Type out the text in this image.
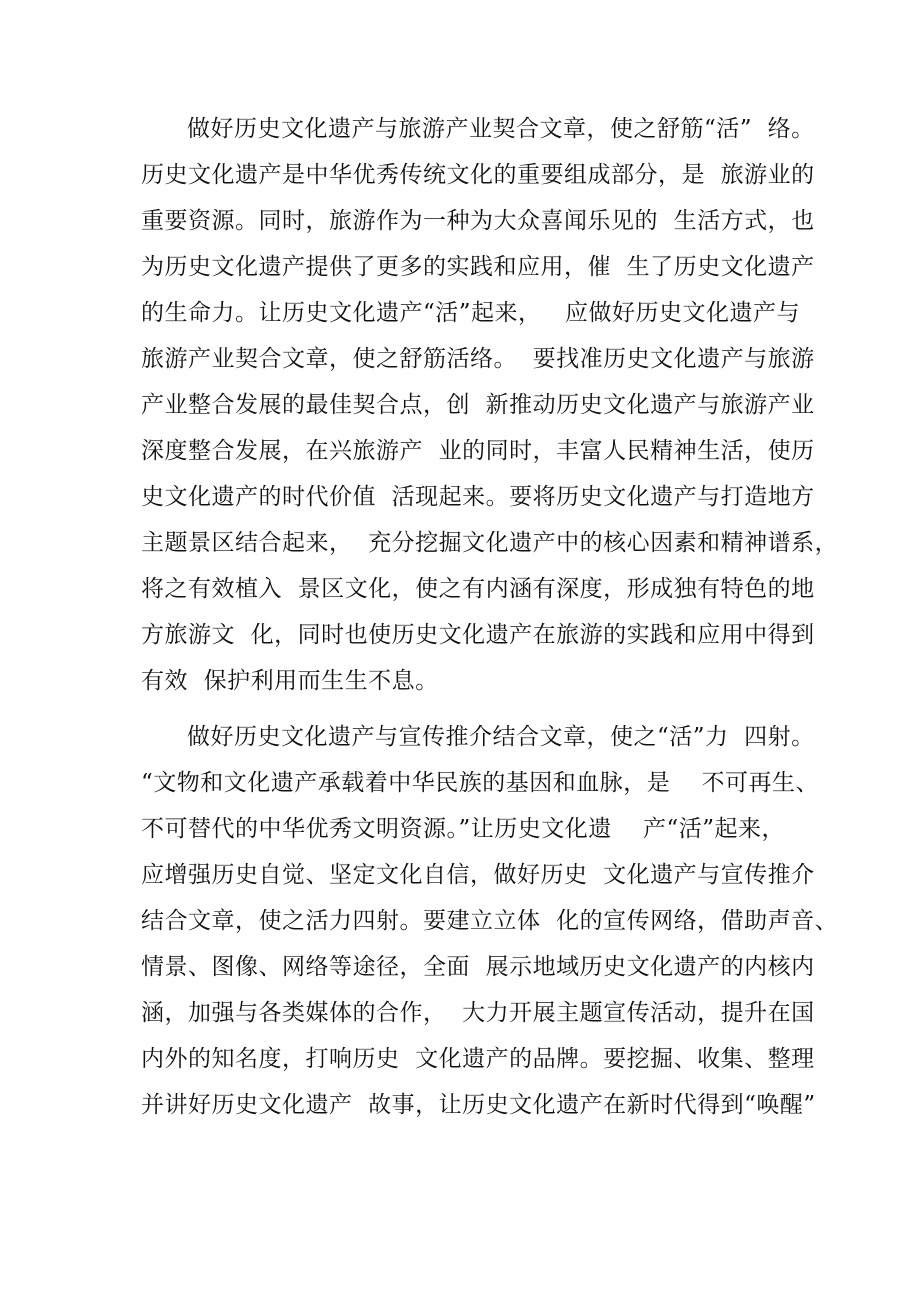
做好历史文化遗产与旅游产业契合文章，使之舒筋“活”  络。
历史文化遗产是中华优秀传统文化的重要组成部分，是  旅游业的
重要资源。同时，旅游作为一种为大众喜闻乐见的  生活方式，也
为历史文化遗产提供了更多的实践和应用，催  生了历史文化遗产
的生命力。让历史文化遗产“活”起来，   应做好历史文化遗产与
旅游产业契合文章，使之舒筋活络。  要找准历史文化遗产与旅游
产业整合发展的最佳契合点，创  新推动历史文化遗产与旅游产业
深度整合发展，在兴旅游产  业的同时，丰富人民精神生活，使历
史文化遗产的时代价值  活现起来。要将历史文化遗产与打造地方
主题景区结合起来，  充分挖掘文化遗产中的核心因素和精神谱系，
将之有效植入  景区文化，使之有内涵有深度，形成独有特色的地
方旅游文  化，同时也使历史文化遗产在旅游的实践和应用中得到
有效  保护利用而生生不息。
做好历史文化遗产与宣传推介结合文章，使之“活”力  四射。
“文物和文化遗产承载着中华民族的基因和血脉，是    不可再生、
不可替代的中华优秀文明资源。”让历史文化遗    产“活”起来，
应增强历史自觉、坚定文化自信，做好历史  文化遗产与宣传推介
结合文章，使之活力四射。要建立立体  化的宣传网络，借助声音、
情景、图像、网络等途径，全面  展示地域历史文化遗产的内核内
涵，加强与各类媒体的合作，  大力开展主题宣传活动，提升在国
内外的知名度，打响历史  文化遗产的品牌。要挖掘、收集、整理
并讲好历史文化遗产  故事，让历史文化遗产在新时代得到“唤醒”
